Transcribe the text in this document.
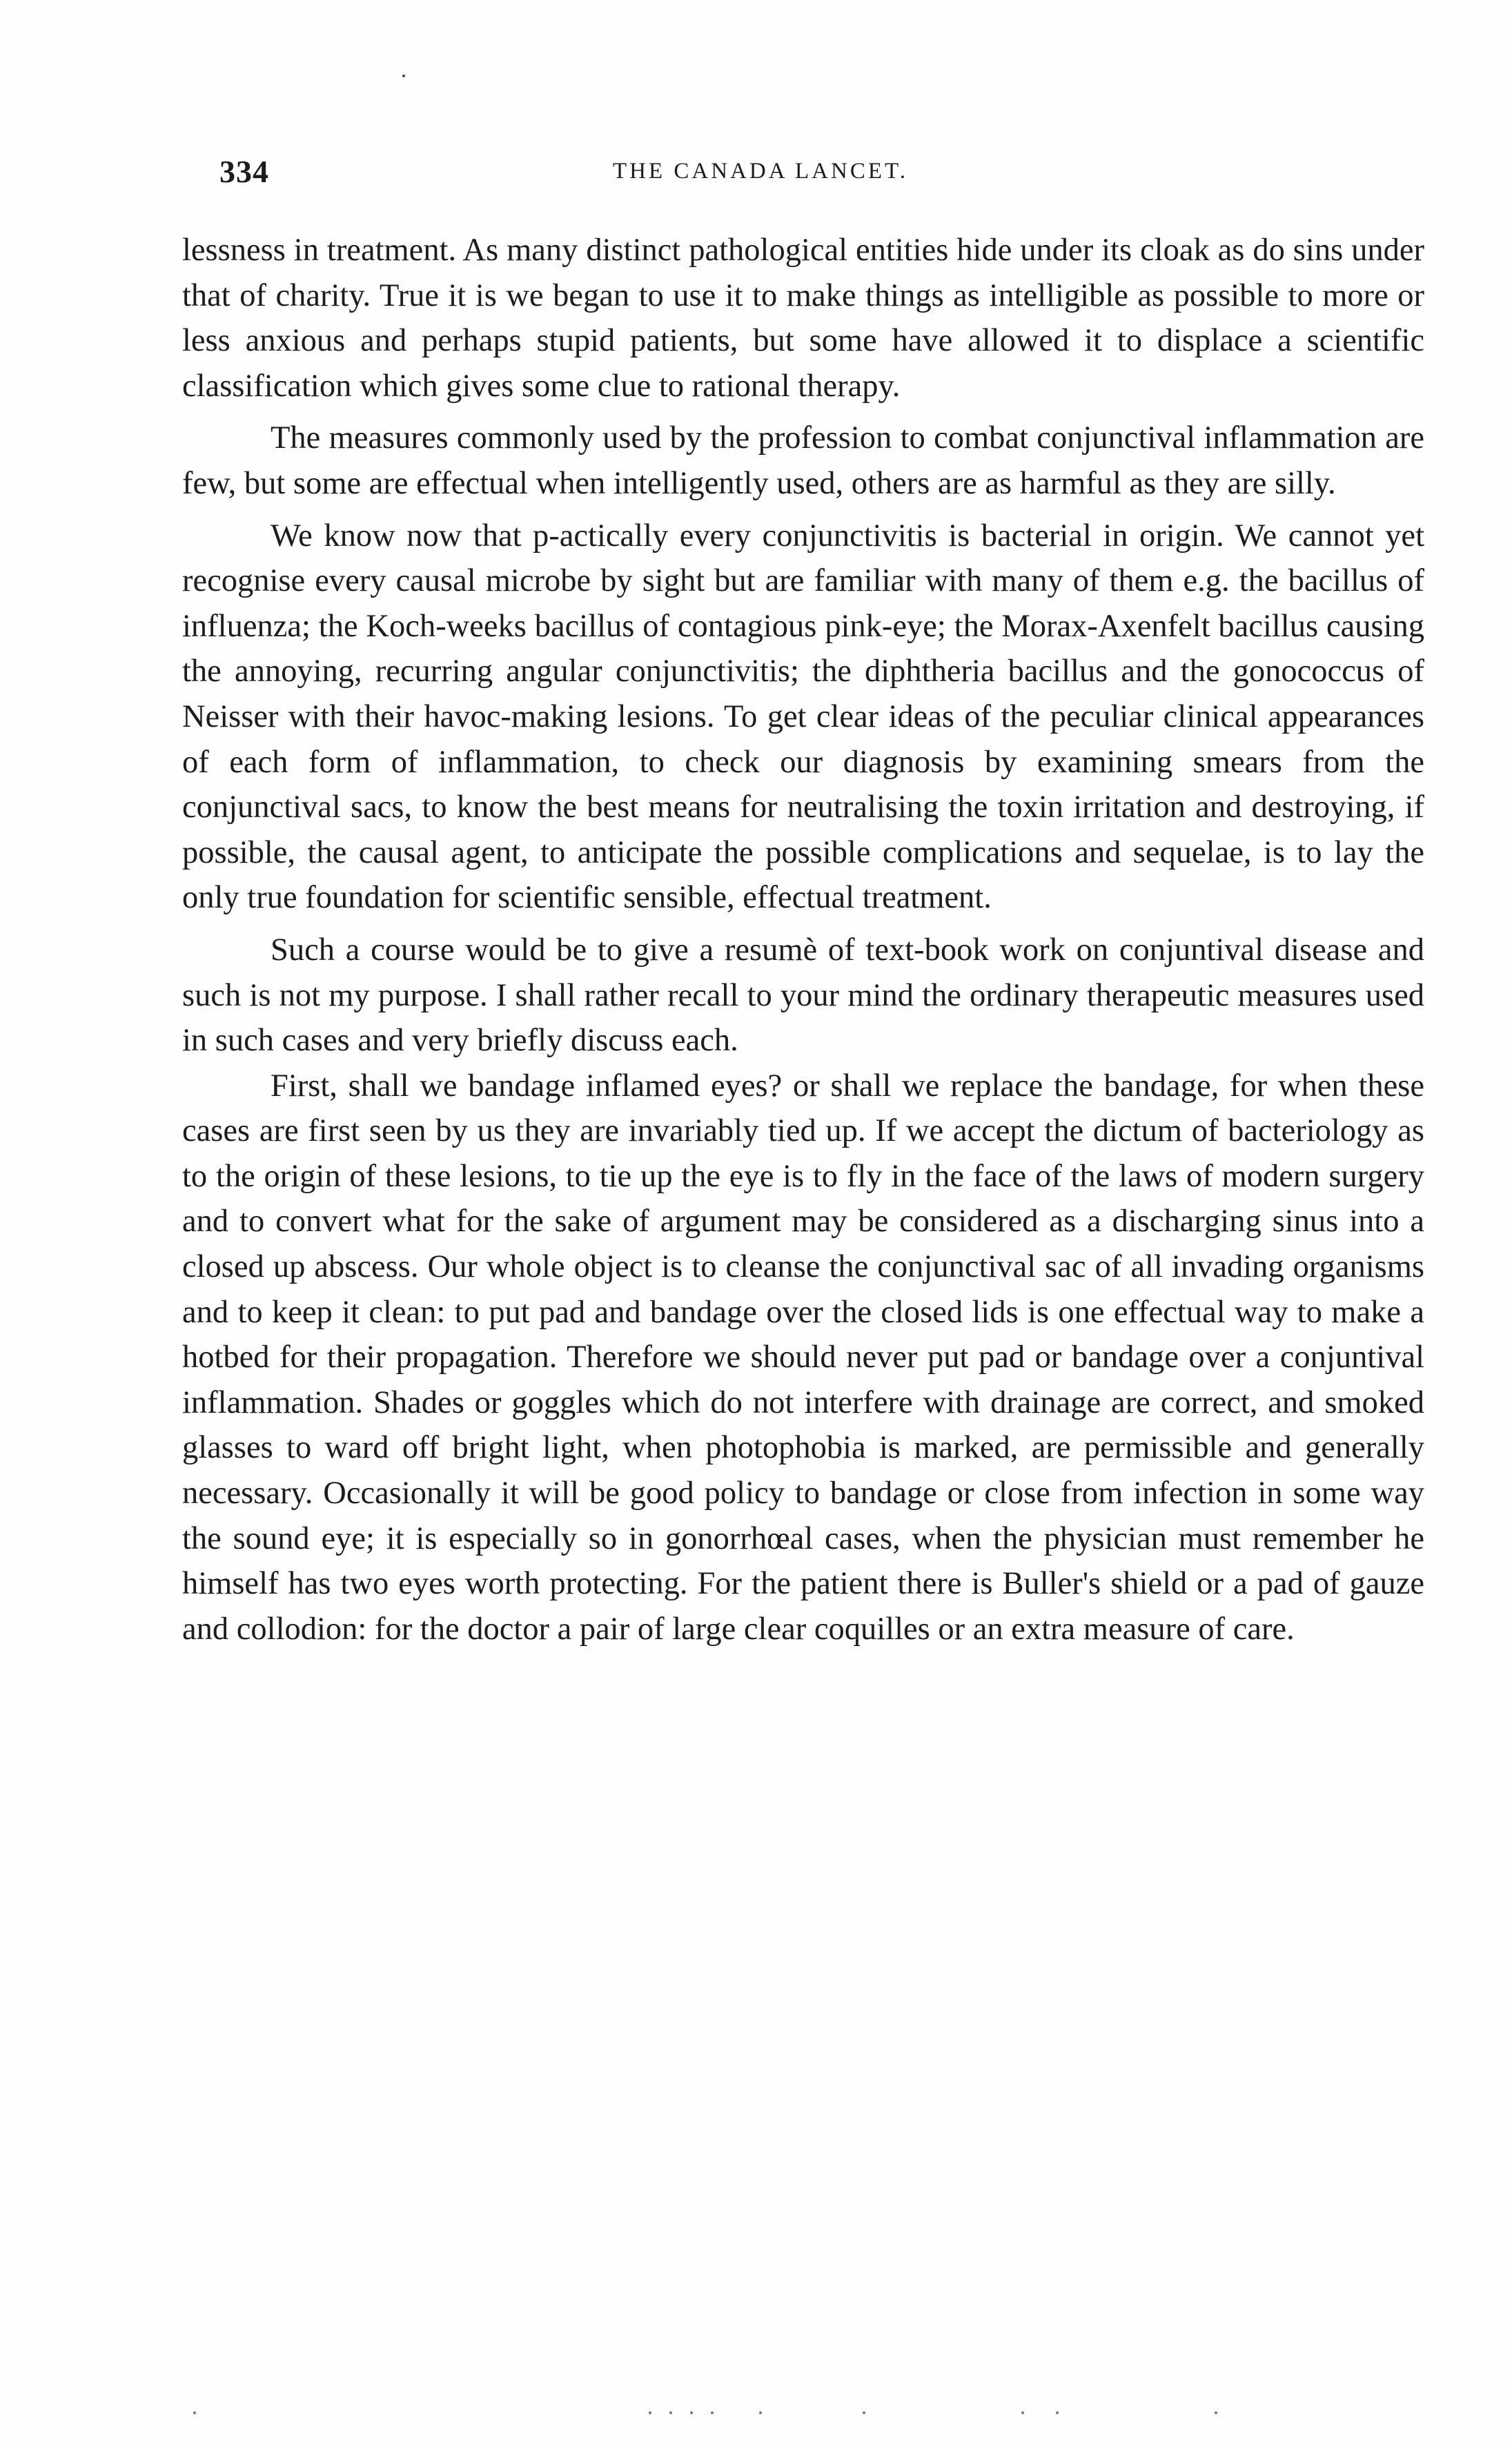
334	THE CANADA LANCET.

lessness in treatment. As many distinct pathological entities hide under its cloak as do sins under that of charity. True it is we began to use it to make things as intelligible as possible to more or less anxious and perhaps stupid patients, but some have allowed it to displace a scientific classification which gives some clue to rational therapy.

The measures commonly used by the profession to combat conjunctival inflammation are few, but some are effectual when intelligently used, others are as harmful as they are silly.

We know now that p-actically every conjunctivitis is bacterial in origin. We cannot yet recognise every causal microbe by sight but are familiar with many of them e.g. the bacillus of influenza; the Koch-weeks bacillus of contagious pink-eye; the Morax-Axenfelt bacillus causing the annoying, recurring angular conjunctivitis; the diphtheria bacillus and the gonococcus of Neisser with their havoc-making lesions. To get clear ideas of the peculiar clinical appearances of each form of inflammation, to check our diagnosis by examining smears from the conjunctival sacs, to know the best means for neutralising the toxin irritation and destroying, if possible, the causal agent, to anticipate the possible complications and sequelae, is to lay the only true foundation for scientific sensible, effectual treatment.

Such a course would be to give a resumè of text-book work on conjuntival disease and such is not my purpose. I shall rather recall to your mind the ordinary therapeutic measures used in such cases and very briefly discuss each.

First, shall we bandage inflamed eyes? or shall we replace the bandage, for when these cases are first seen by us they are invariably tied up. If we accept the dictum of bacteriology as to the origin of these lesions, to tie up the eye is to fly in the face of the laws of modern surgery and to convert what for the sake of argument may be considered as a discharging sinus into a closed up abscess. Our whole object is to cleanse the conjunctival sac of all invading organisms and to keep it clean: to put pad and bandage over the closed lids is one effectual way to make a hotbed for their propagation. Therefore we should never put pad or bandage over a conjuntival inflammation. Shades or goggles which do not interfere with drainage are correct, and smoked glasses to ward off bright light, when photophobia is marked, are permissible and generally necessary. Occasionally it will be good policy to bandage or close from infection in some way the sound eye; it is especially so in gonorrhœal cases, when the physician must remember he himself has two eyes worth protecting. For the patient there is Buller's shield or a pad of gauze and collodion: for the doctor a pair of large clear coquilles or an extra measure of care.
